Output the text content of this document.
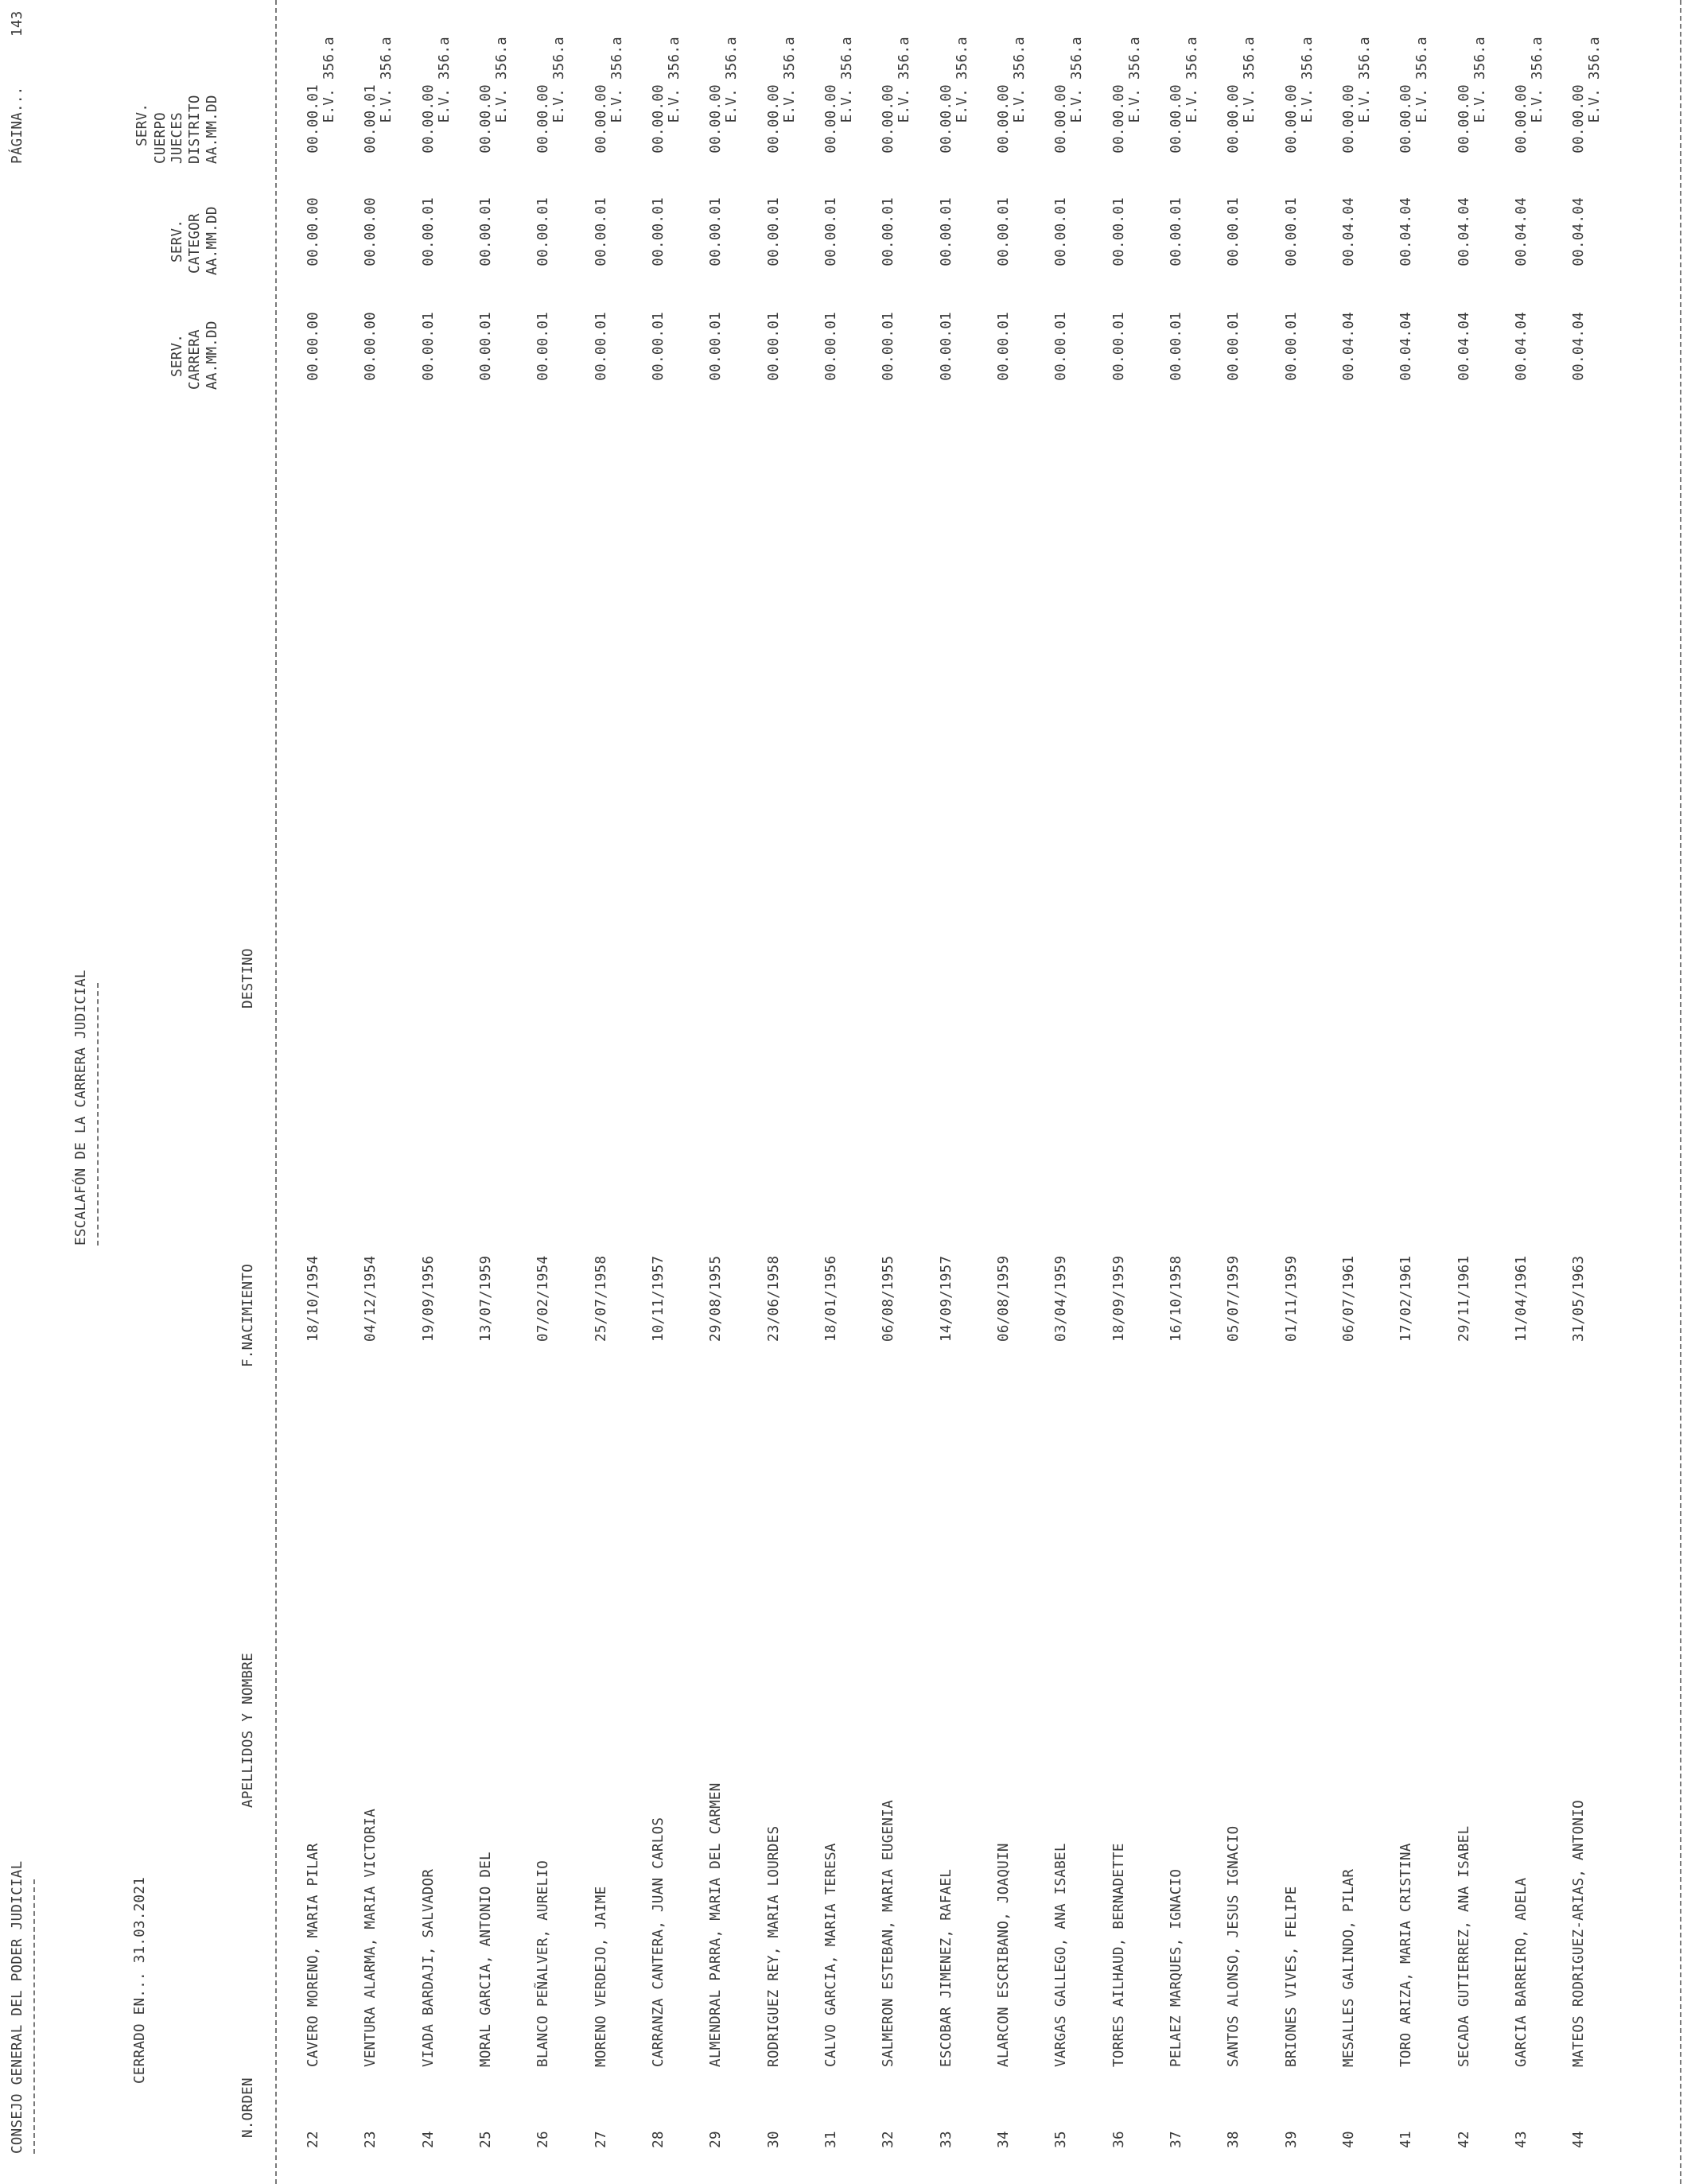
CONSEJO GENERAL DEL PODER JUDICIAL
ESCALAFÓN DE LA CARRERA JUDICIAL
PÁGINA...
143
CERRADO EN... 31.03.2021
SERV. CUERPO JUECES DISTRITO AA.MM.DD
SERV. CATEGOR AA.MM.DD
SERV. CARRERA AA.MM.DD
DESTINO
F.NACIMIENTO
APELLIDOS Y NOMBRE
N.ORDEN
22
CAVERO MORENO, MARIA PILAR
18/10/1954
00.00.00
00.00.00
00.00.01 E.V. 356.a
23
VENTURA ALARMA, MARIA VICTORIA
04/12/1954
00.00.00
00.00.00
00.00.01 E.V. 356.a
24
VIADA BARDAJI, SALVADOR
19/09/1956
00.00.01
00.00.01
00.00.00 E.V. 356.a
25
MORAL GARCIA, ANTONIO DEL
13/07/1959
00.00.01
00.00.01
00.00.00 E.V. 356.a
26
BLANCO PEÑALVER, AURELIO
07/02/1954
00.00.01
00.00.01
00.00.00 E.V. 356.a
27
MORENO VERDEJO, JAIME
25/07/1958
00.00.01
00.00.01
00.00.00 E.V. 356.a
28
CARRANZA CANTERA, JUAN CARLOS
10/11/1957
00.00.01
00.00.01
00.00.00 E.V. 356.a
29
ALMENDRAL PARRA, MARIA DEL CARMEN
29/08/1955
00.00.01
00.00.01
00.00.00 E.V. 356.a
30
RODRIGUEZ REY, MARIA LOURDES
23/06/1958
00.00.01
00.00.01
00.00.00 E.V. 356.a
31
CALVO GARCIA, MARIA TERESA
18/01/1956
00.00.01
00.00.01
00.00.00 E.V. 356.a
32
SALMERON ESTEBAN, MARIA EUGENIA
06/08/1955
00.00.01
00.00.01
00.00.00 E.V. 356.a
33
ESCOBAR JIMENEZ, RAFAEL
14/09/1957
00.00.01
00.00.01
00.00.00 E.V. 356.a
34
ALARCON ESCRIBANO, JOAQUIN
06/08/1959
00.00.01
00.00.01
00.00.00 E.V. 356.a
35
VARGAS GALLEGO, ANA ISABEL
03/04/1959
00.00.01
00.00.01
00.00.00 E.V. 356.a
36
TORRES AILHAUD, BERNADETTE
18/09/1959
00.00.01
00.00.01
00.00.00 E.V. 356.a
37
PELAEZ MARQUES, IGNACIO
16/10/1958
00.00.01
00.00.01
00.00.00 E.V. 356.a
38
SANTOS ALONSO, JESUS IGNACIO
05/07/1959
00.00.01
00.00.01
00.00.00 E.V. 356.a
39
BRIONES VIVES, FELIPE
01/11/1959
00.00.01
00.00.01
00.00.00 E.V. 356.a
40
MESALLES GALINDO, PILAR
06/07/1961
00.04.04
00.04.04
00.00.00 E.V. 356.a
41
TORO ARIZA, MARIA CRISTINA
17/02/1961
00.04.04
00.04.04
00.00.00 E.V. 356.a
42
SECADA GUTIERREZ, ANA ISABEL
29/11/1961
00.04.04
00.04.04
00.00.00 E.V. 356.a
43
GARCIA BARREIRO, ADELA
11/04/1961
00.04.04
00.04.04
00.00.00 E.V. 356.a
44
MATEOS RODRIGUEZ-ARIAS, ANTONIO
31/05/1963
00.04.04
00.04.04
00.00.00 E.V. 356.a
